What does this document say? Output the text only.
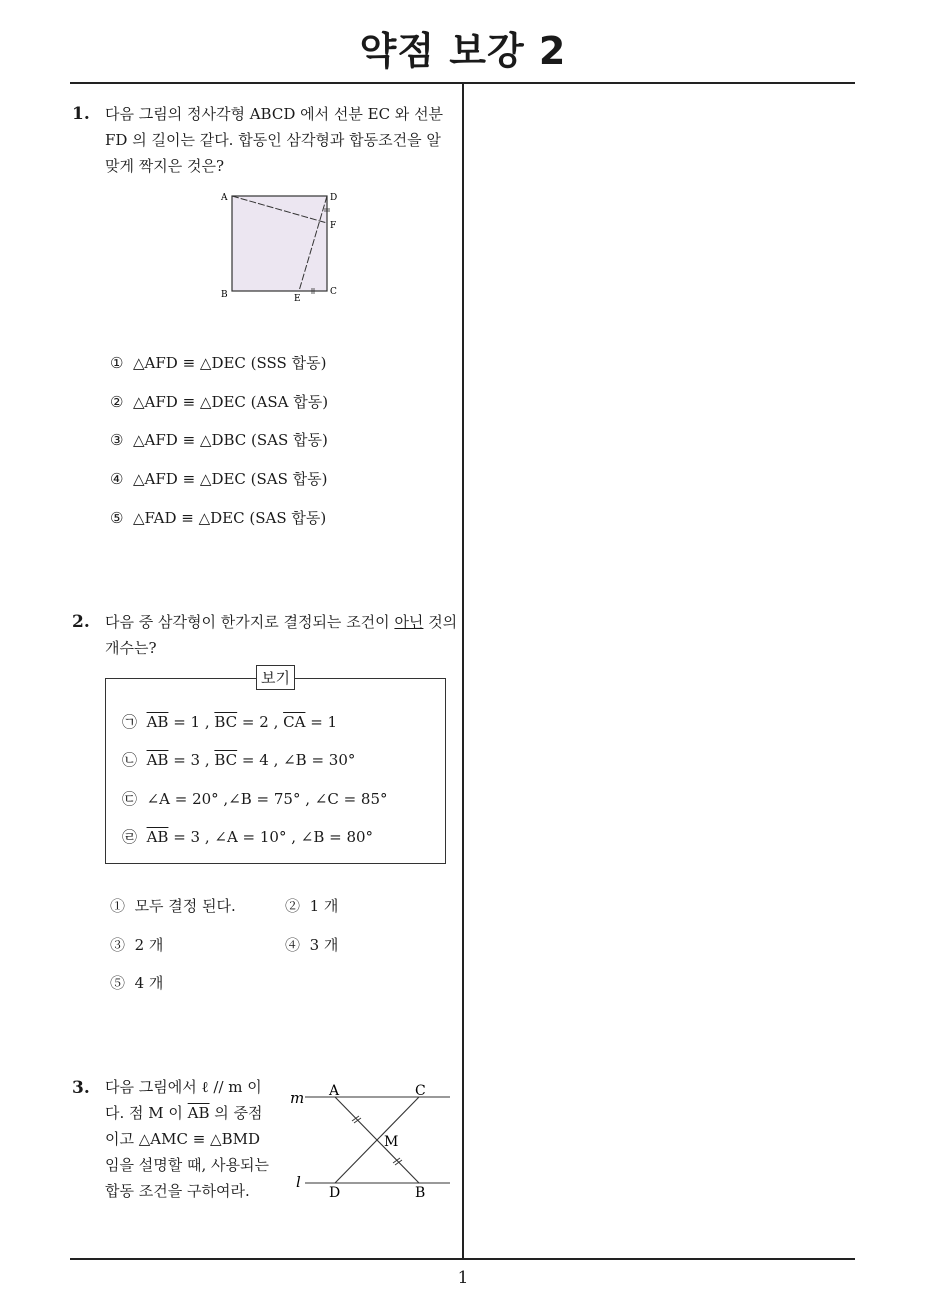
약점 보강 2
1. 다음 그림의 정사각형 ABCD 에서 선분 EC 와 선분
FD 의 길이는 같다. 합동인 삼각형과 합동조건을 알
맞게 짝지은 것은?
A	D
F
B	C
E
① △AFD ≡ △DEC (SSS 합동)
② △AFD ≡ △DEC (ASA 합동)
③ △AFD ≡ △DBC (SAS 합동)
④ △AFD ≡ △DEC (SAS 합동)
⑤ △FAD ≡ △DEC (SAS 합동)
2. 다음 중 삼각형이 한가지로 결정되는 조건이 아닌 것의
개수는?
보기
㉠ $\overline{AB} = 1$ , $\overline{BC} = 2$ , $\overline{CA} = 1$
㉡ $\overline{AB} = 3$ , $\overline{BC} = 4$ , ∠B = 30°
㉢ ∠A = 20° ,∠B = 75° , ∠C = 85°
㉣ $\overline{AB} = 3$ , ∠A = 10° , ∠B = 80°
① 모두 결정 된다.	② 1 개
③ 2 개	④ 3 개
⑤ 4 개
3. 다음 그림에서 ℓ // m 이
다. 점 M 이 $\overline{AB}$ 의 중점
이고 △AMC ≡ △BMD
임을 설명할 때, 사용되는
합동 조건을 구하여라.
m
l
A	C
M
D	B
1
